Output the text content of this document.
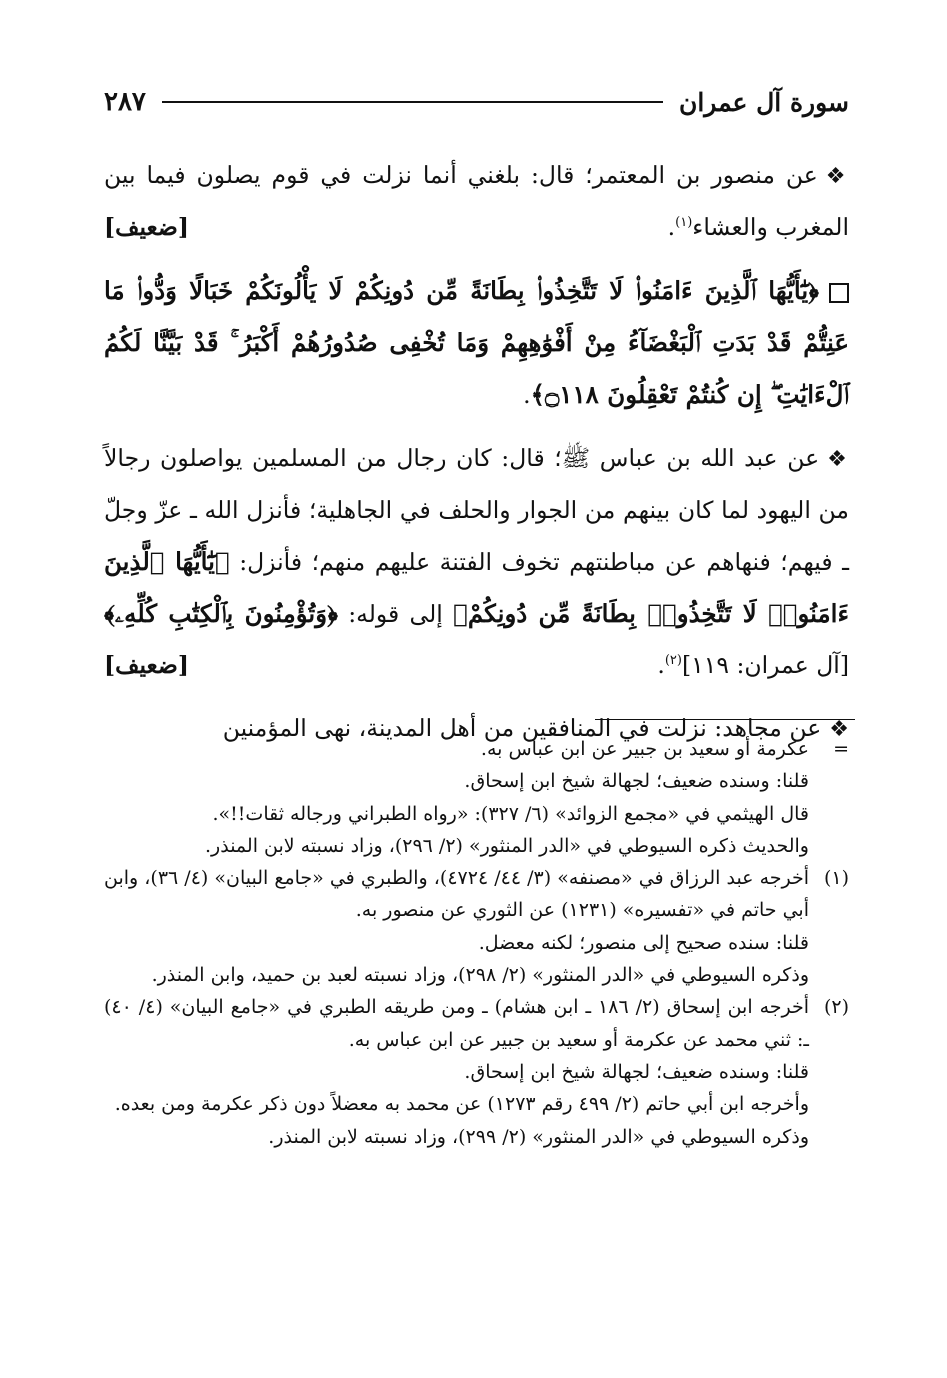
سورة آل عمران
٢٨٧

❖عن منصور بن المعتمر؛ قال: بلغني أنما نزلت في قوم يصلون فيما بين المغرب والعشاء$^{(١)}$.
[ضعيف]

﴿يَٰٓأَيُّهَا ٱلَّذِينَ ءَامَنُوا۟ لَا تَتَّخِذُوا۟ بِطَانَةً مِّن دُونِكُمْ لَا يَأْلُونَكُمْ خَبَالًا وَدُّوا۟ مَا عَنِتُّمْ قَدْ بَدَتِ ٱلْبَغْضَآءُ مِنْ أَفْوَٰهِهِمْ وَمَا تُخْفِى صُدُورُهُمْ أَكْبَرُ ۚ قَدْ بَيَّنَّا لَكُمُ ٱلْءَايَٰتِ ۖ إِن كُنتُمْ تَعْقِلُونَ ۝١١٨﴾.

❖عن عبد الله بن عباس ﷺ؛ قال: كان رجال من المسلمين يواصلون رجالاً من اليهود لما كان بينهم من الجوار والحلف في الجاهلية؛ فأنزل الله ـ عزّ وجلّ ـ فيهم؛ فنهاهم عن مباطنتهم تخوف الفتنة عليهم منهم؛ فأنزل: ﴿يَٰٓأَيُّهَا ٱلَّذِينَ ءَامَنُوا۟ لَا تَتَّخِذُوا۟ بِطَانَةً مِّن دُونِكُمْ﴾ إلى قوله: ﴿وَتُؤْمِنُونَ بِٱلْكِتَٰبِ كُلِّهِۦ﴾ [آل عمران: ١١٩]$^{(٢)}$.
[ضعيف]

❖عن مجاهد: نزلت في المنافقين من أهل المدينة، نهى المؤمنين

=
عكرمة أو سعيد بن جبير عن ابن عباس به.
قلنا: وسنده ضعيف؛ لجهالة شيخ ابن إسحاق.
قال الهيثمي في «مجمع الزوائد» (٦/ ٣٢٧): «رواه الطبراني ورجاله ثقات!!».
والحديث ذكره السيوطي في «الدر المنثور» (٢/ ٢٩٦)، وزاد نسبته لابن المنذر.
(١)
أخرجه عبد الرزاق في «مصنفه» (٣/ ٤٤/ ٤٧٢٤)، والطبري في «جامع البيان» (٤/ ٣٦)، وابن أبي حاتم في «تفسيره» (١٢٣١) عن الثوري عن منصور به.
قلنا: سنده صحيح إلى منصور؛ لكنه معضل.
وذكره السيوطي في «الدر المنثور» (٢/ ٢٩٨)، وزاد نسبته لعبد بن حميد، وابن المنذر.
(٢)
أخرجه ابن إسحاق (٢/ ١٨٦ ـ ابن هشام) ـ ومن طريقه الطبري في «جامع البيان» (٤/ ٤٠) ـ: ثني محمد عن عكرمة أو سعيد بن جبير عن ابن عباس به.
قلنا: وسنده ضعيف؛ لجهالة شيخ ابن إسحاق.
وأخرجه ابن أبي حاتم (٢/ ٤٩٩ رقم ١٢٧٣) عن محمد به معضلاً دون ذكر عكرمة ومن بعده.
وذكره السيوطي في «الدر المنثور» (٢/ ٢٩٩)، وزاد نسبته لابن المنذر.
